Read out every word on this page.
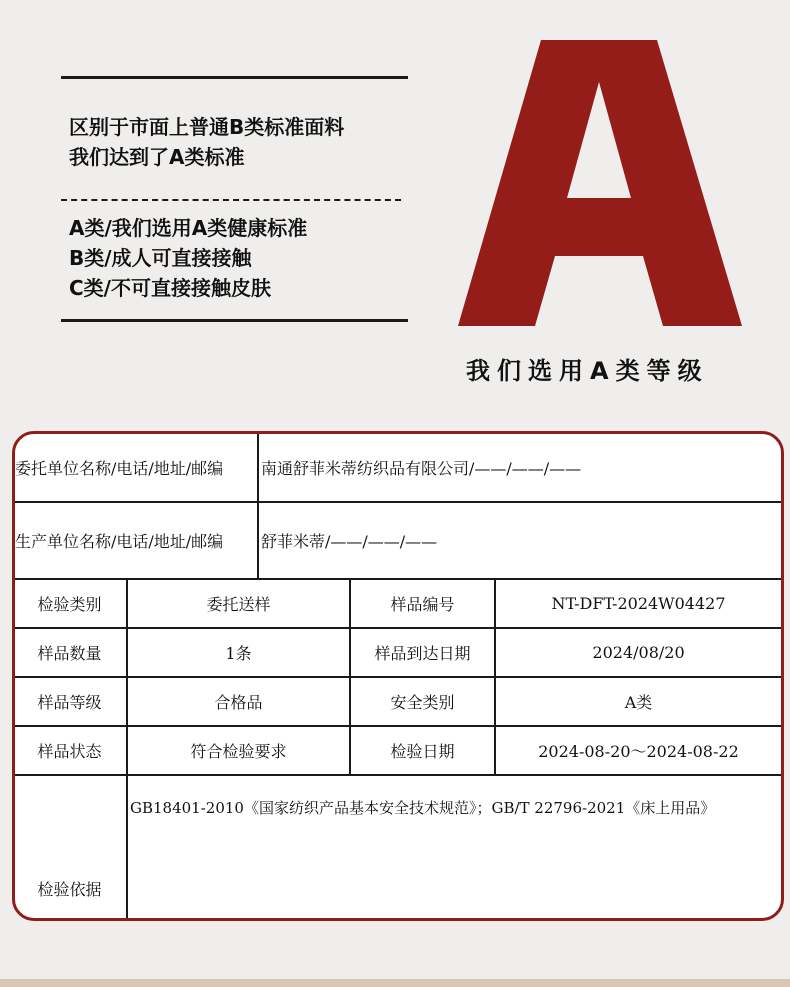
区别于市面上普通B类标准面料
我们达到了A类标准
A类/我们选用A类健康标准
B类/成人可直接接触
C类/不可直接接触皮肤
我们选用A类等级
委托单位名称/电话/地址/邮编		南通舒菲米蒂纺织品有限公司/——/——/——		
生产单位名称/电话/地址/邮编		舒菲米蒂/——/——/——		
检验类别	委托送样		样品编号	NT-DFT-2024W04427
样品数量	1条		样品到达日期	2024/08/20
样品等级	合格品		安全类别	A类
样品状态	符合检验要求		检验日期	2024-08-20～2024-08-22
检验依据	GB18401-2010《国家纺织产品基本安全技术规范》；GB/T 22796-2021《床上用品》			
